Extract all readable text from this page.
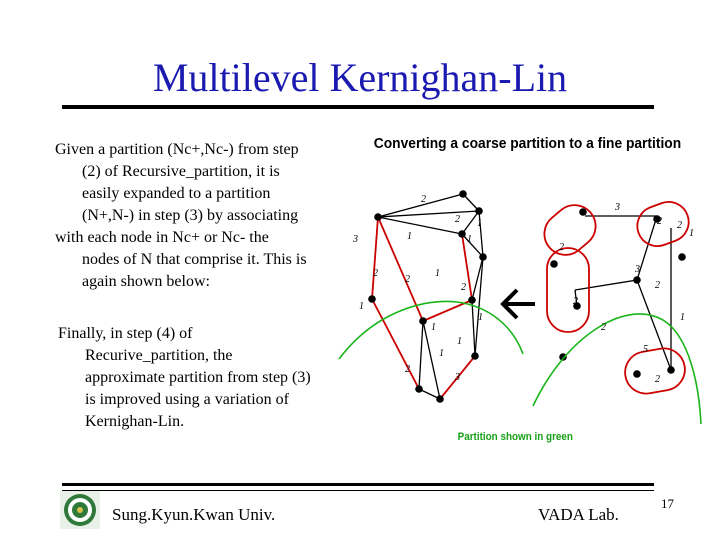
Multilevel Kernighan-Lin
Given a partition (Nc+,Nc-) from step
(2) of Recursive_partition, it is
easily expanded to a partition
(N+,N-) in step (3) by associating
with each node in Nc+ or Nc- the
nodes of N that comprise it. This is
again shown below:
Finally, in step (4) of
Recurive_partition, the
approximate partition from step (3)
is improved using a variation of
Kernighan-Lin.
Converting a coarse partition to a fine partition
2
2 1
1
3	1
2
2
1
2
1
1
1
1
1
2
3
3
2 2
1
2
3
2
2
1
2
5
2
Partition shown in green
Sung.Kyun.Kwan Univ.	VADA Lab.
17
